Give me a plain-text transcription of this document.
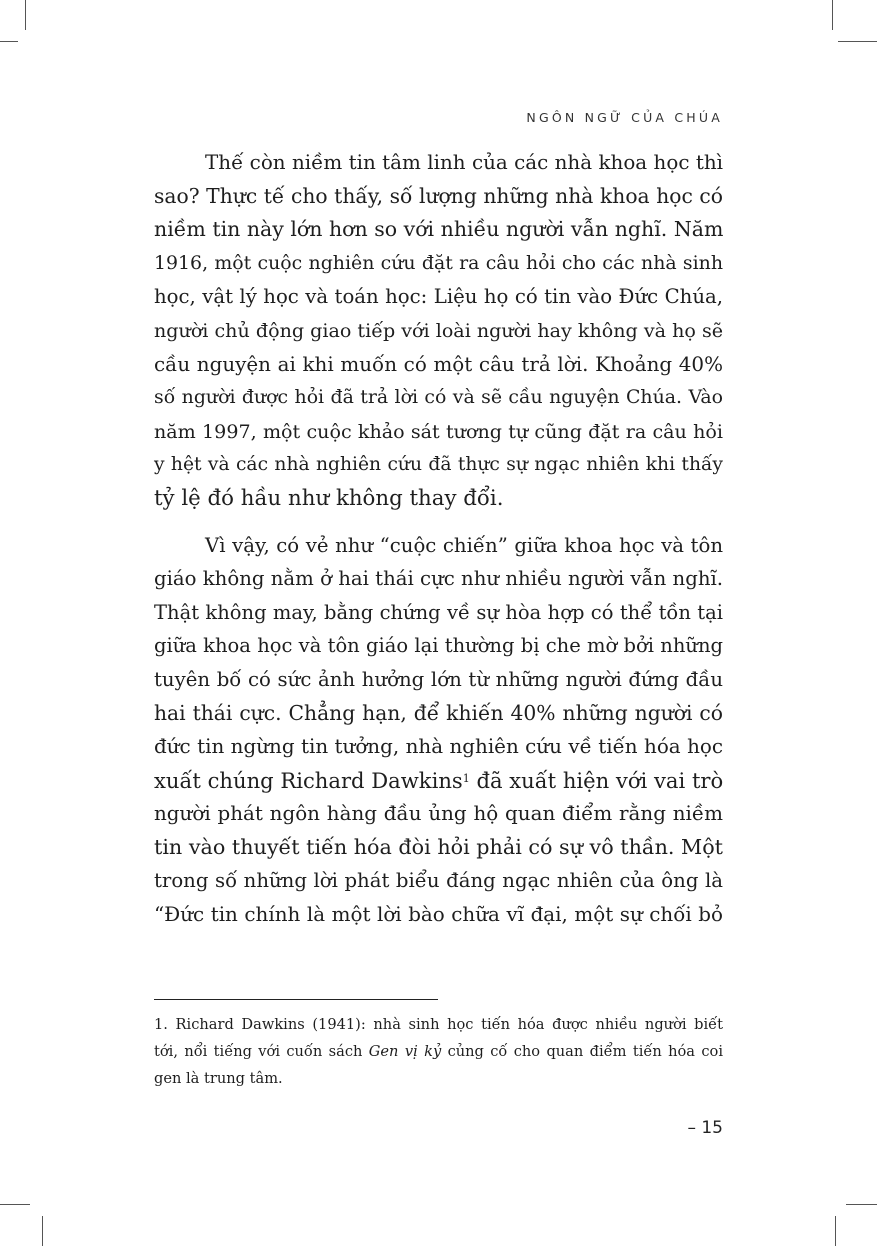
NGÔN NGỮ CỦA CHÚA
Thế còn niềm tin tâm linh của các nhà khoa học thì
sao? Thực tế cho thấy, số lượng những nhà khoa học có
niềm tin này lớn hơn so với nhiều người vẫn nghĩ. Năm
1916, một cuộc nghiên cứu đặt ra câu hỏi cho các nhà sinh
học, vật lý học và toán học: Liệu họ có tin vào Đức Chúa,
người chủ động giao tiếp với loài người hay không và họ sẽ
cầu nguyện ai khi muốn có một câu trả lời. Khoảng 40%
số người được hỏi đã trả lời có và sẽ cầu nguyện Chúa. Vào
năm 1997, một cuộc khảo sát tương tự cũng đặt ra câu hỏi
y hệt và các nhà nghiên cứu đã thực sự ngạc nhiên khi thấy
tỷ lệ đó hầu như không thay đổi.
Vì vậy, có vẻ như “cuộc chiến” giữa khoa học và tôn
giáo không nằm ở hai thái cực như nhiều người vẫn nghĩ.
Thật không may, bằng chứng về sự hòa hợp có thể tồn tại
giữa khoa học và tôn giáo lại thường bị che mờ bởi những
tuyên bố có sức ảnh hưởng lớn từ những người đứng đầu
hai thái cực. Chẳng hạn, để khiến 40% những người có
đức tin ngừng tin tưởng, nhà nghiên cứu về tiến hóa học
xuất chúng Richard Dawkins$^1$ đã xuất hiện với vai trò
người phát ngôn hàng đầu ủng hộ quan điểm rằng niềm
tin vào thuyết tiến hóa đòi hỏi phải có sự vô thần. Một
trong số những lời phát biểu đáng ngạc nhiên của ông là
“Đức tin chính là một lời bào chữa vĩ đại, một sự chối bỏ
1. Richard Dawkins (1941): nhà sinh học tiến hóa được nhiều người biết
tới, nổi tiếng với cuốn sách Gen vị kỷ củng cố cho quan điểm tiến hóa coi
gen là trung tâm.
– 15
